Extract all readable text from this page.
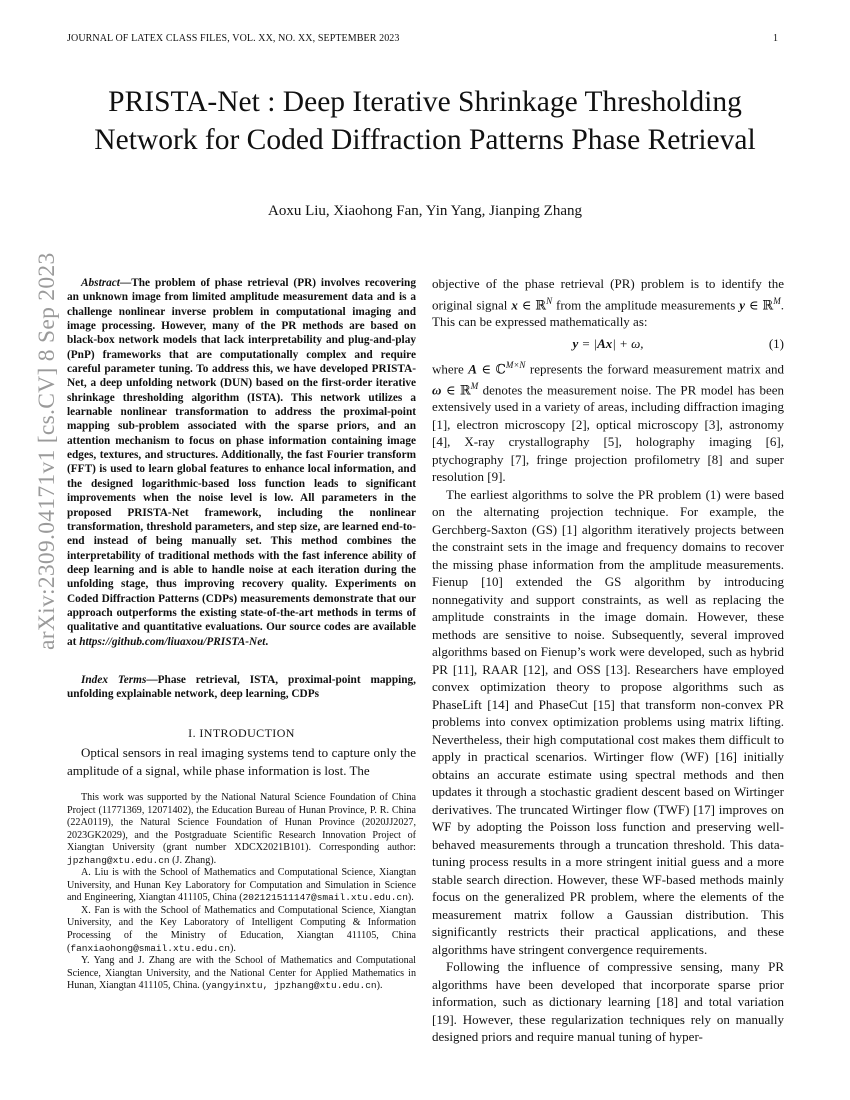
JOURNAL OF LATEX CLASS FILES, VOL. XX, NO. XX, SEPTEMBER 2023	1
arXiv:2309.04171v1 [cs.CV] 8 Sep 2023
PRISTA-Net : Deep Iterative Shrinkage Thresholding Network for Coded Diffraction Patterns Phase Retrieval
Aoxu Liu, Xiaohong Fan, Yin Yang, Jianping Zhang

Abstract—The problem of phase retrieval (PR) involves recovering an unknown image from limited amplitude measurement data and is a challenge nonlinear inverse problem in computational imaging and image processing. However, many of the PR methods are based on black-box network models that lack interpretability and plug-and-play (PnP) frameworks that are computationally complex and require careful parameter tuning. To address this, we have developed PRISTA-Net, a deep unfolding network (DUN) based on the first-order iterative shrinkage thresholding algorithm (ISTA). This network utilizes a learnable nonlinear transformation to address the proximal-point mapping sub-problem associated with the sparse priors, and an attention mechanism to focus on phase information containing image edges, textures, and structures. Additionally, the fast Fourier transform (FFT) is used to learn global features to enhance local information, and the designed logarithmic-based loss function leads to significant improvements when the noise level is low. All parameters in the proposed PRISTA-Net framework, including the nonlinear transformation, threshold parameters, and step size, are learned end-to-end instead of being manually set. This method combines the interpretability of traditional methods with the fast inference ability of deep learning and is able to handle noise at each iteration during the unfolding stage, thus improving recovery quality. Experiments on Coded Diffraction Patterns (CDPs) measurements demonstrate that our approach outperforms the existing state-of-the-art methods in terms of qualitative and quantitative evaluations. Our source codes are available at https://github.com/liuaxou/PRISTA-Net.

Index Terms—Phase retrieval, ISTA, proximal-point mapping, unfolding explainable network, deep learning, CDPs

I. INTRODUCTION

Optical sensors in real imaging systems tend to capture only the amplitude of a signal, while phase information is lost. The

This work was supported by the National Natural Science Foundation of China Project (11771369, 12071402), the Education Bureau of Hunan Province, P. R. China (22A0119), the Natural Science Foundation of Hunan Province (2020JJ2027, 2023GK2029), and the Postgraduate Scientific Research Innovation Project of Xiangtan University (grant number XDCX2021B101). Corresponding author: jpzhang@xtu.edu.cn (J. Zhang).

A. Liu is with the School of Mathematics and Computational Science, Xiangtan University, and Hunan Key Laboratory for Computation and Simulation in Science and Engineering, Xiangtan 411105, China (202121511147@smail.xtu.edu.cn).

X. Fan is with the School of Mathematics and Computational Science, Xiangtan University, and the Key Laboratory of Intelligent Computing & Information Processing of the Ministry of Education, Xiangtan 411105, China (fanxiaohong@smail.xtu.edu.cn).

Y. Yang and J. Zhang are with the School of Mathematics and Computational Science, Xiangtan University, and the National Center for Applied Mathematics in Hunan, Xiangtan 411105, China. (yangyinxtu, jpzhang@xtu.edu.cn).

objective of the phase retrieval (PR) problem is to identify the original signal x ∈ ℝ$^N$ from the amplitude measurements y ∈ ℝ$^M$. This can be expressed mathematically as:

y = |Ax| + ω,	(1)

where A ∈ ℂ$^{M\times N}$ represents the forward measurement matrix and ω ∈ ℝ$^M$ denotes the measurement noise. The PR model has been extensively used in a variety of areas, including diffraction imaging [1], electron microscopy [2], optical microscopy [3], astronomy [4], X-ray crystallography [5], holography imaging [6], ptychography [7], fringe projection profilometry [8] and super resolution [9].

The earliest algorithms to solve the PR problem (1) were based on the alternating projection technique. For example, the Gerchberg-Saxton (GS) [1] algorithm iteratively projects between the constraint sets in the image and frequency domains to recover the missing phase information from the amplitude measurements. Fienup [10] extended the GS algorithm by introducing nonnegativity and support constraints, as well as replacing the amplitude constraints in the image domain. However, these methods are sensitive to noise. Subsequently, several improved algorithms based on Fienup’s work were developed, such as hybrid PR [11], RAAR [12], and OSS [13]. Researchers have employed convex optimization theory to propose algorithms such as PhaseLift [14] and PhaseCut [15] that transform non-convex PR problems into convex optimization problems using matrix lifting. Nevertheless, their high computational cost makes them difficult to apply in practical scenarios. Wirtinger flow (WF) [16] initially obtains an accurate estimate using spectral methods and then updates it through a stochastic gradient descent based on Wirtinger derivatives. The truncated Wirtinger flow (TWF) [17] improves on WF by adopting the Poisson loss function and preserving well-behaved measurements through a truncation threshold. This data-tuning process results in a more stringent initial guess and a more stable search direction. However, these WF-based methods mainly focus on the generalized PR problem, where the elements of the measurement matrix follow a Gaussian distribution. This significantly restricts their practical applications, and these algorithms have stringent convergence requirements.

Following the influence of compressive sensing, many PR algorithms have been developed that incorporate sparse prior information, such as dictionary learning [18] and total variation [19]. However, these regularization techniques rely on manually designed priors and require manual tuning of hyper-
